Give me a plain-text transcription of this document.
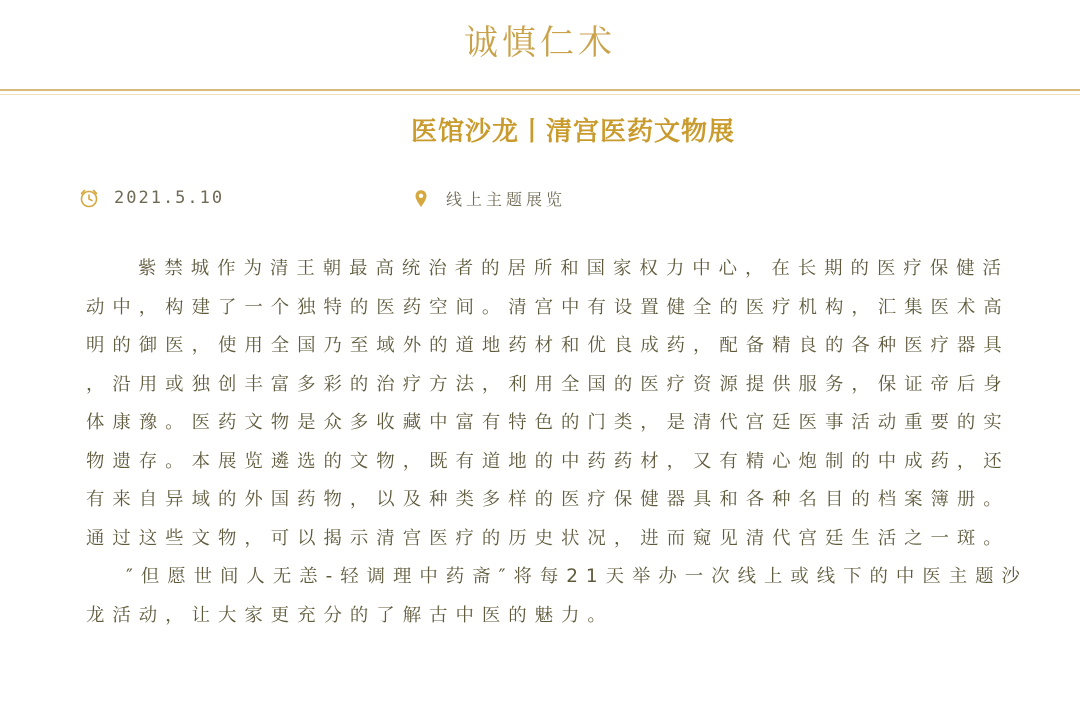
诚慎仁术
医馆沙龙丨清宫医药文物展
2021.5.10	线上主题展览

紫禁城作为清王朝最高统治者的居所和国家权力中心，在长期的医疗保健活
动中，构建了一个独特的医药空间。清宫中有设置健全的医疗机构，汇集医术高
明的御医，使用全国乃至域外的道地药材和优良成药，配备精良的各种医疗器具
，沿用或独创丰富多彩的治疗方法，利用全国的医疗资源提供服务，保证帝后身
体康豫。医药文物是众多收藏中富有特色的门类，是清代宫廷医事活动重要的实
物遗存。本展览遴选的文物，既有道地的中药药材，又有精心炮制的中成药，还
有来自异域的外国药物，以及种类多样的医疗保健器具和各种名目的档案簿册。
通过这些文物，可以揭示清宫医疗的历史状况，进而窥见清代宫廷生活之一斑。

″但愿世间人无恙-轻调理中药斋″将每21天举办一次线上或线下的中医主题沙
龙活动，让大家更充分的了解古中医的魅力。
